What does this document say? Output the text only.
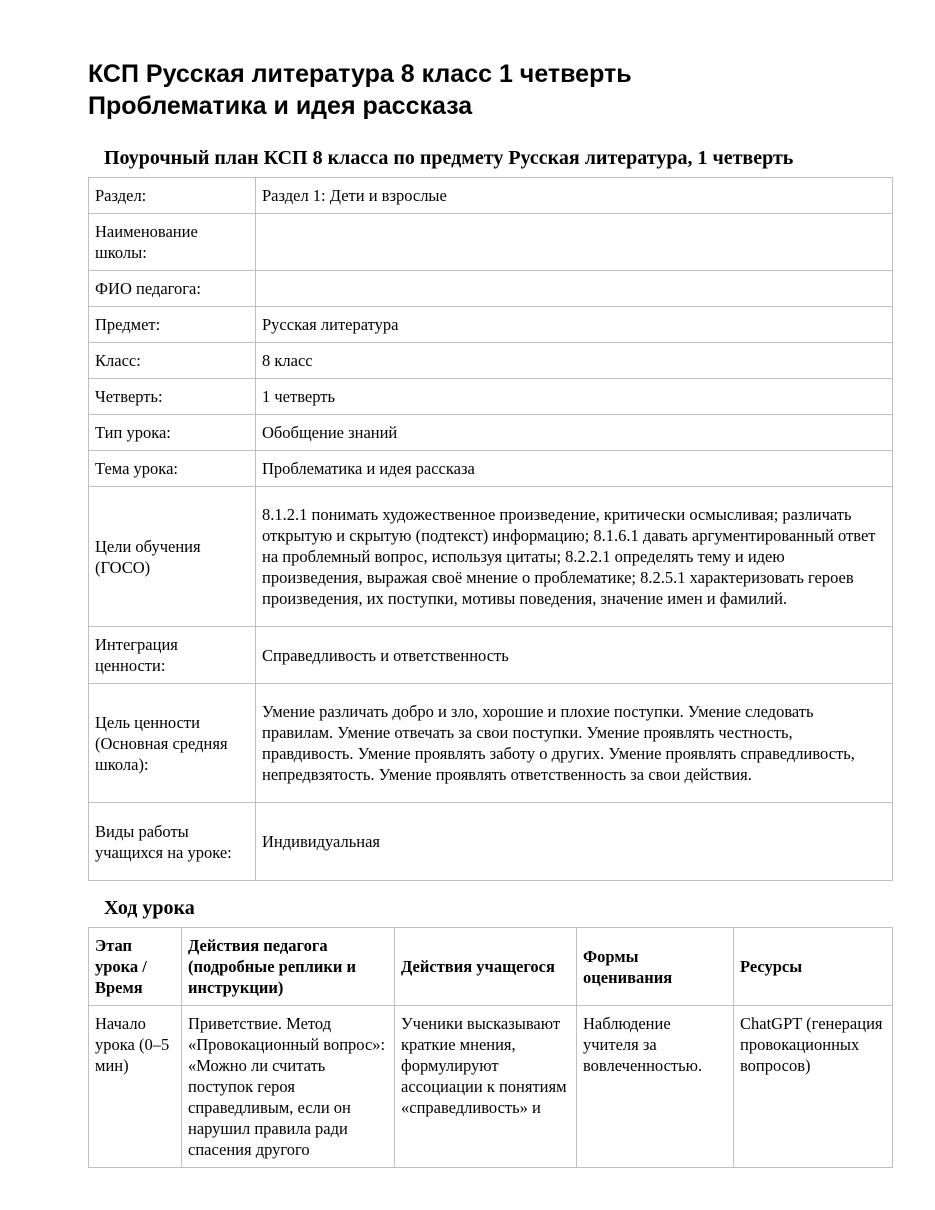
КСП Русская литература 8 класс 1 четверть
Проблематика и идея рассказа
Поурочный план КСП 8 класса по предмету Русская литература, 1 четверть
Раздел:	Раздел 1: Дети и взрослые
Наименование школы:	
ФИО педагога:	
Предмет:	Русская литература
Класс:	8 класс
Четверть:	1 четверть
Тип урока:	Обобщение знаний
Тема урока:	Проблематика и идея рассказа
Цели обучения (ГОСО)	8.1.2.1 понимать художественное произведение, критически осмысливая; различать открытую и скрытую (подтекст) информацию; 8.1.6.1 давать аргументированный ответ на проблемный вопрос, используя цитаты; 8.2.2.1 определять тему и идею произведения, выражая своё мнение о проблематике; 8.2.5.1 характеризовать героев произведения, их поступки, мотивы поведения, значение имен и фамилий.
Интеграция ценности:	Справедливость и ответственность
Цель ценности (Основная средняя школа):	Умение различать добро и зло, хорошие и плохие поступки. Умение следовать правилам. Умение отвечать за свои поступки. Умение проявлять честность, правдивость. Умение проявлять заботу о других. Умение проявлять справедливость, непредвзятость. Умение проявлять ответственность за свои действия.
Виды работы учащихся на уроке:	Индивидуальная
Ход урока
Этап урока / Время	Действия педагога (подробные реплики и инструкции)	Действия учащегося	Формы оценивания	Ресурсы
Начало урока (0–5 мин)	Приветствие. Метод «Провокационный вопрос»: «Можно ли считать поступок героя справедливым, если он нарушил правила ради спасения другого	Ученики высказывают краткие мнения, формулируют ассоциации к понятиям «справедливость» и	Наблюдение учителя за вовлеченностью.	ChatGPT (генерация провокационных вопросов)
